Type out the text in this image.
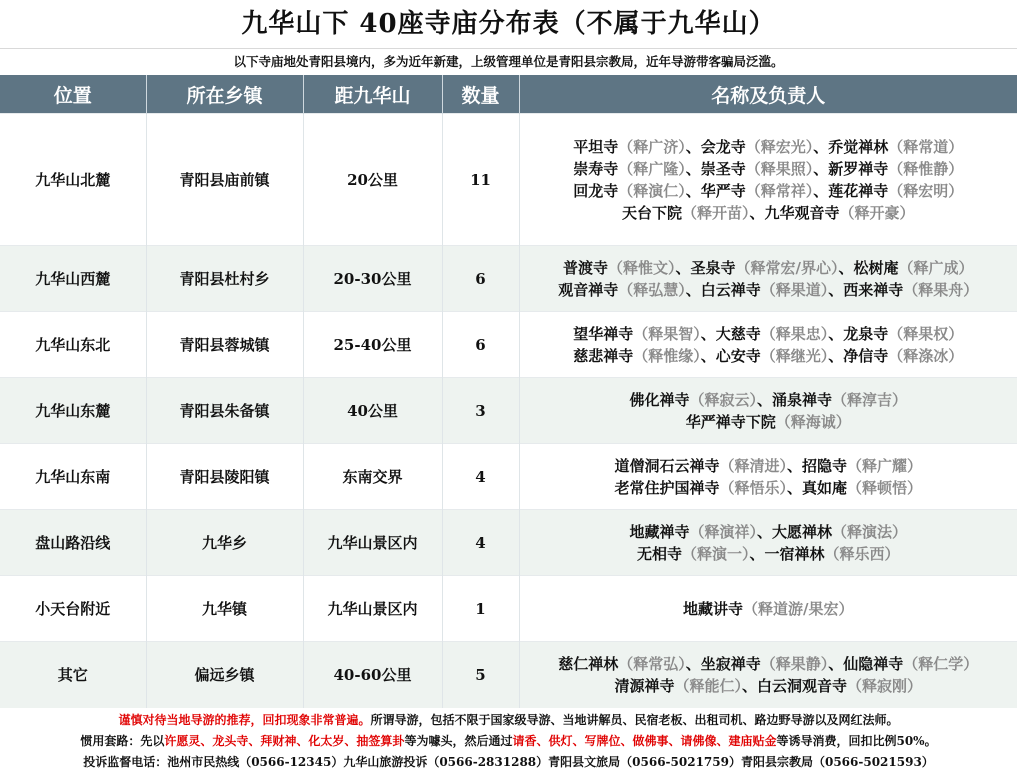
九华山下 40座寺庙分布表（不属于九华山）
以下寺庙地处青阳县境内，多为近年新建，上级管理单位是青阳县宗教局，近年导游带客骗局泛滥。
位置	所在乡镇	距九华山	数量	名称及负责人
九华山北麓	青阳县庙前镇	20公里	11	平坦寺（释广济）、会龙寺（释宏光）、乔觉禅林（释常道）
崇寿寺（释广隆）、崇圣寺（释果照）、新罗禅寺（释惟静）
回龙寺（释演仁）、华严寺（释常祥）、莲花禅寺（释宏明）
天台下院（释开苗）、九华观音寺（释开豪）

九华山西麓	青阳县杜村乡	20-30公里	6	普渡寺（释惟文）、圣泉寺（释常宏/界心）、松树庵（释广成）
观音禅寺（释弘慧）、白云禅寺（释果道）、西来禅寺（释果舟）

九华山东北	青阳县蓉城镇	25-40公里	6	望华禅寺（释果智）、大慈寺（释果忠）、龙泉寺（释果权）
慈悲禅寺（释惟缘）、心安寺（释继光）、净信寺（释涤冰）

九华山东麓	青阳县朱备镇	40公里	3	佛化禅寺（释寂云）、涌泉禅寺（释淳吉）
华严禅寺下院（释海诚）

九华山东南	青阳县陵阳镇	东南交界	4	道僧洞石云禅寺（释清进）、招隐寺（释广耀）
老常住护国禅寺（释悟乐）、真如庵（释顿悟）

盘山路沿线	九华乡	九华山景区内	4	地藏禅寺（释演祥）、大愿禅林（释演法）
无相寺（释演一）、一宿禅林（释乐西）

小天台附近	九华镇	九华山景区内	1	地藏讲寺（释道游/果宏）

其它	偏远乡镇	40-60公里	5	慈仁禅林（释常弘）、坐寂禅寺（释果静）、仙隐禅寺（释仁学）
清源禅寺（释能仁）、白云洞观音寺（释寂刚）
谨慎对待当地导游的推荐，回扣现象非常普遍。所谓导游，包括不限于国家级导游、当地讲解员、民宿老板、出租司机、路边野导游以及网红法师。
惯用套路：先以许愿灵、龙头寺、拜财神、化太岁、抽签算卦等为噱头，然后通过请香、供灯、写牌位、做佛事、请佛像、建庙贴金等诱导消费，回扣比例50%。
投诉监督电话：池州市民热线（0566-12345）九华山旅游投诉（0566-2831288）青阳县文旅局（0566-5021759）青阳县宗教局（0566-5021593）
